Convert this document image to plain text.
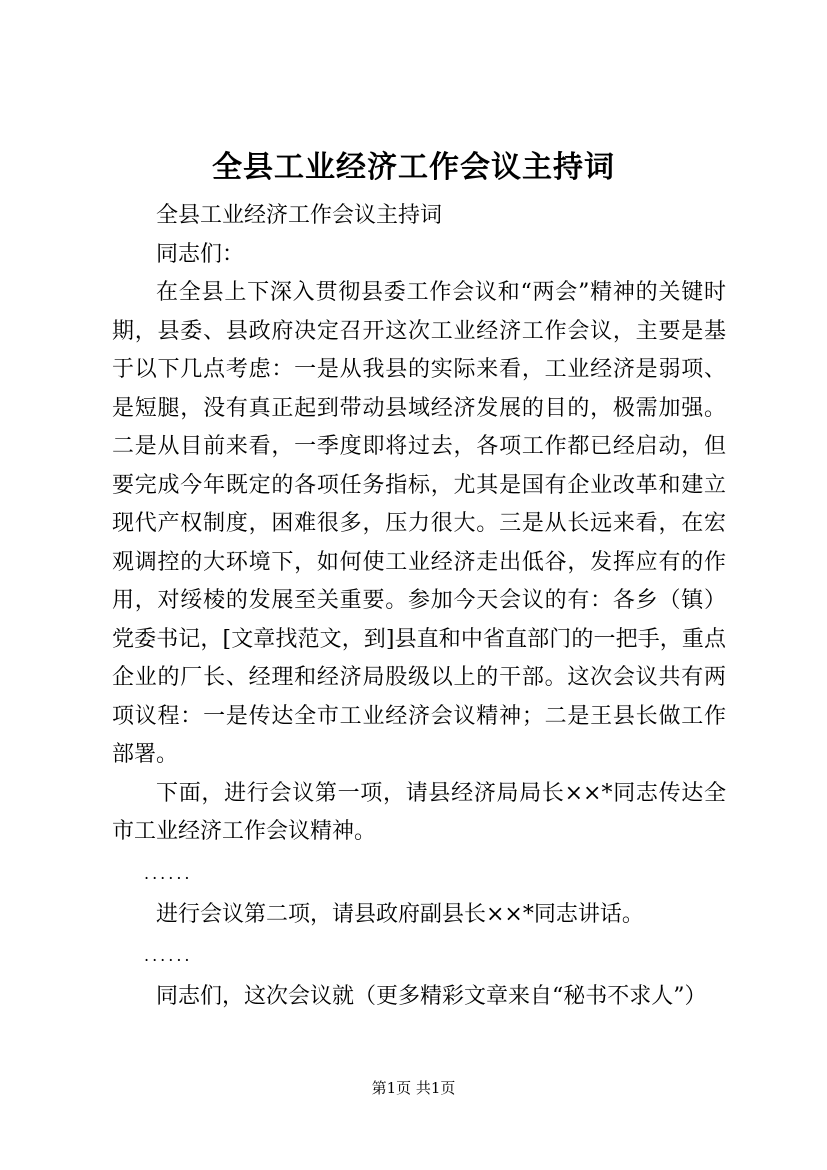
全县工业经济工作会议主持词

全县工业经济工作会议主持词

同志们：

在全县上下深入贯彻县委工作会议和“两会”精神的关键时期，县委、县政府决定召开这次工业经济工作会议，主要是基于以下几点考虑：一是从我县的实际来看，工业经济是弱项、是短腿，没有真正起到带动县域经济发展的目的，极需加强。二是从目前来看，一季度即将过去，各项工作都已经启动，但要完成今年既定的各项任务指标，尤其是国有企业改革和建立现代产权制度，困难很多，压力很大。三是从长远来看，在宏观调控的大环境下，如何使工业经济走出低谷，发挥应有的作用，对绥棱的发展至关重要。参加今天会议的有：各乡（镇）党委书记，[文章找范文，到]县直和中省直部门的一把手，重点企业的厂长、经理和经济局股级以上的干部。这次会议共有两项议程：一是传达全市工业经济会议精神；二是王县长做工作部署。

下面，进行会议第一项，请县经济局局长××*同志传达全市工业经济工作会议精神。

......

进行会议第二项，请县政府副县长××*同志讲话。

......

同志们，这次会议就（更多精彩文章来自“秘书不求人”）

第1页 共1页
